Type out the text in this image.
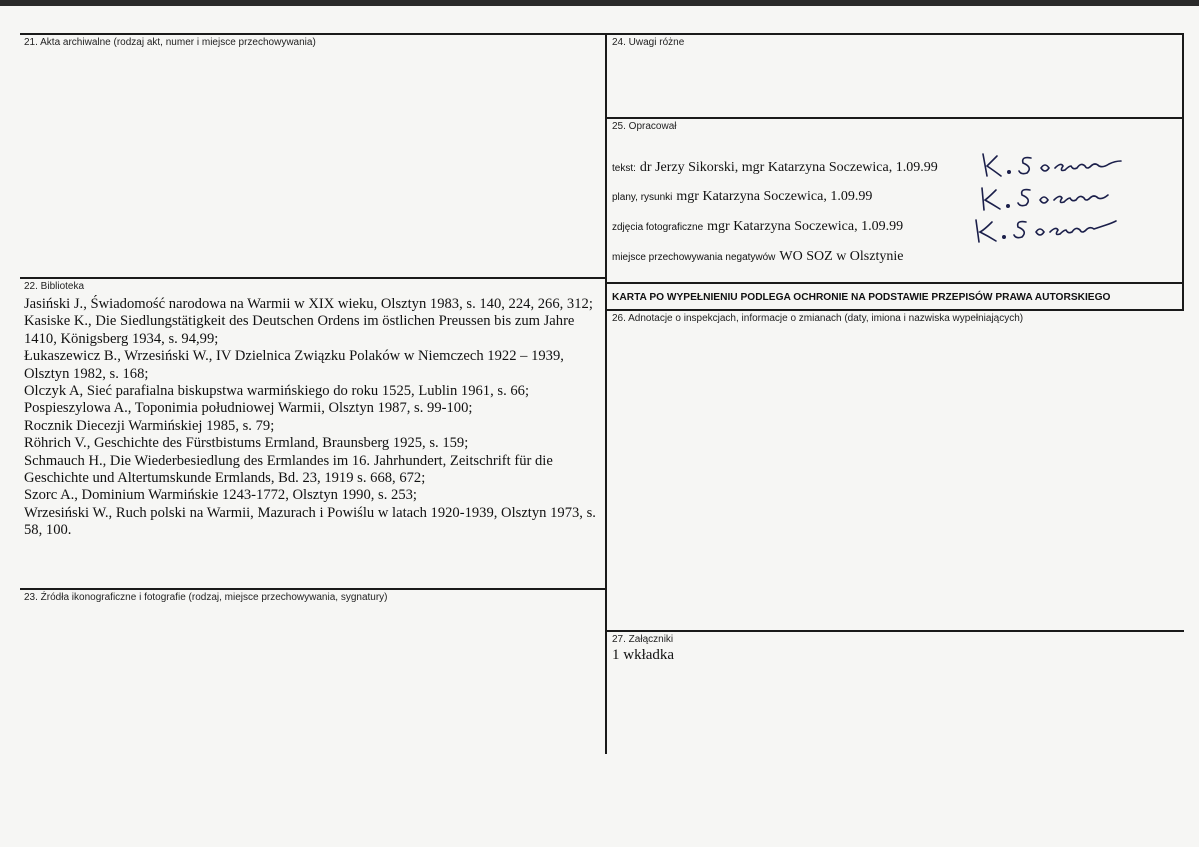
21. Akta archiwalne (rodzaj akt, numer i miejsce przechowywania)
22. Biblioteka
Jasiński J., Świadomość narodowa na Warmii w XIX wieku, Olsztyn 1983, s. 140, 224, 266, 312;
Kasiske K., Die Siedlungstätigkeit des Deutschen Ordens im östlichen Preussen bis zum Jahre 1410, Königsberg 1934, s. 94,99;
Łukaszewicz B., Wrzesiński W., IV Dzielnica Związku Polaków w Niemczech 1922 – 1939, Olsztyn 1982, s. 168;
Olczyk A, Sieć parafialna biskupstwa warmińskiego do roku 1525, Lublin 1961, s. 66;
Pospieszylowa A., Toponimia południowej Warmii, Olsztyn 1987, s. 99-100;
Rocznik Diecezji Warmińskiej 1985, s. 79;
Röhrich V., Geschichte des Fürstbistums Ermland, Braunsberg 1925, s. 159;
Schmauch H., Die Wiederbesiedlung des Ermlandes im 16. Jahrhundert, Zeitschrift für die Geschichte und Altertumskunde Ermlands, Bd. 23, 1919 s. 668, 672;
Szorc A., Dominium Warmińskie 1243-1772, Olsztyn 1990, s. 253;
Wrzesiński W., Ruch polski na Warmii, Mazurach i Powiślu w latach 1920-1939, Olsztyn 1973, s. 58, 100.
23. Źródła ikonograficzne i fotografie (rodzaj, miejsce przechowywania, sygnatury)
24. Uwagi różne
25. Opracował
tekst: dr Jerzy Sikorski, mgr Katarzyna Soczewica, 1.09.99
plany, rysunki mgr Katarzyna Soczewica, 1.09.99
zdjęcia fotograficzne mgr Katarzyna Soczewica, 1.09.99
miejsce przechowywania negatywów WO SOZ w Olsztynie
KARTA PO WYPEŁNIENIU PODLEGA OCHRONIE NA PODSTAWIE PRZEPISÓW PRAWA AUTORSKIEGO
26. Adnotacje o inspekcjach, informacje o zmianach (daty, imiona i nazwiska wypełniających)
27. Załączniki
1 wkładka
